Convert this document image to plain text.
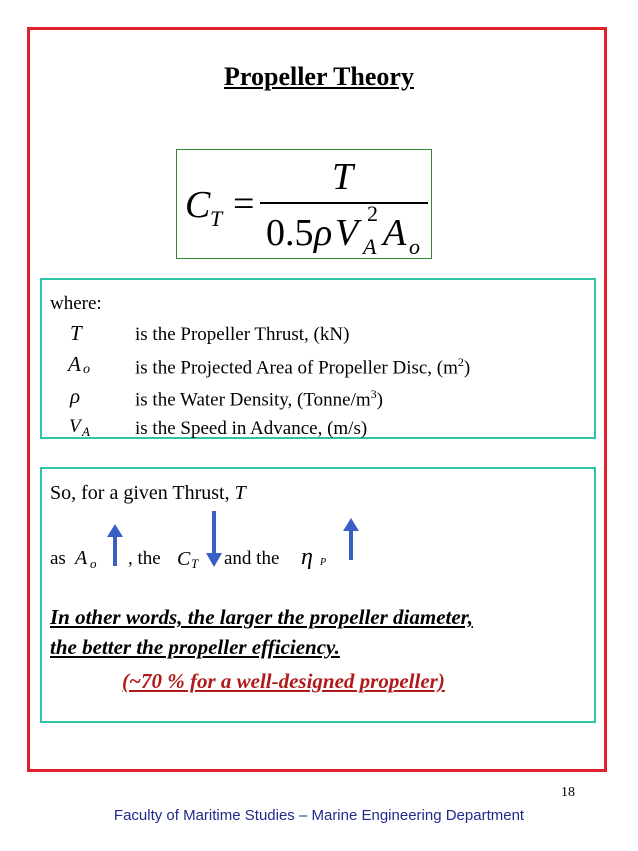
Propeller Theory
C T =
T
0.5 ρ V 2
A A o
where:
T	is the Propeller Thrust, (kN)
A o is the Projected Area of Propeller Disc, $(m^2)$
ρ	is the Water Density, $(Tonne/m^3)$
V A is the Speed in Advance, (m/s)
So, for a given Thrust, T
as A o , the C T and the η P
In other words, the larger the propeller diameter,
the better the propeller efficiency.
(~70 % for a well-designed propeller)
18
Faculty of Maritime Studies – Marine Engineering Department
